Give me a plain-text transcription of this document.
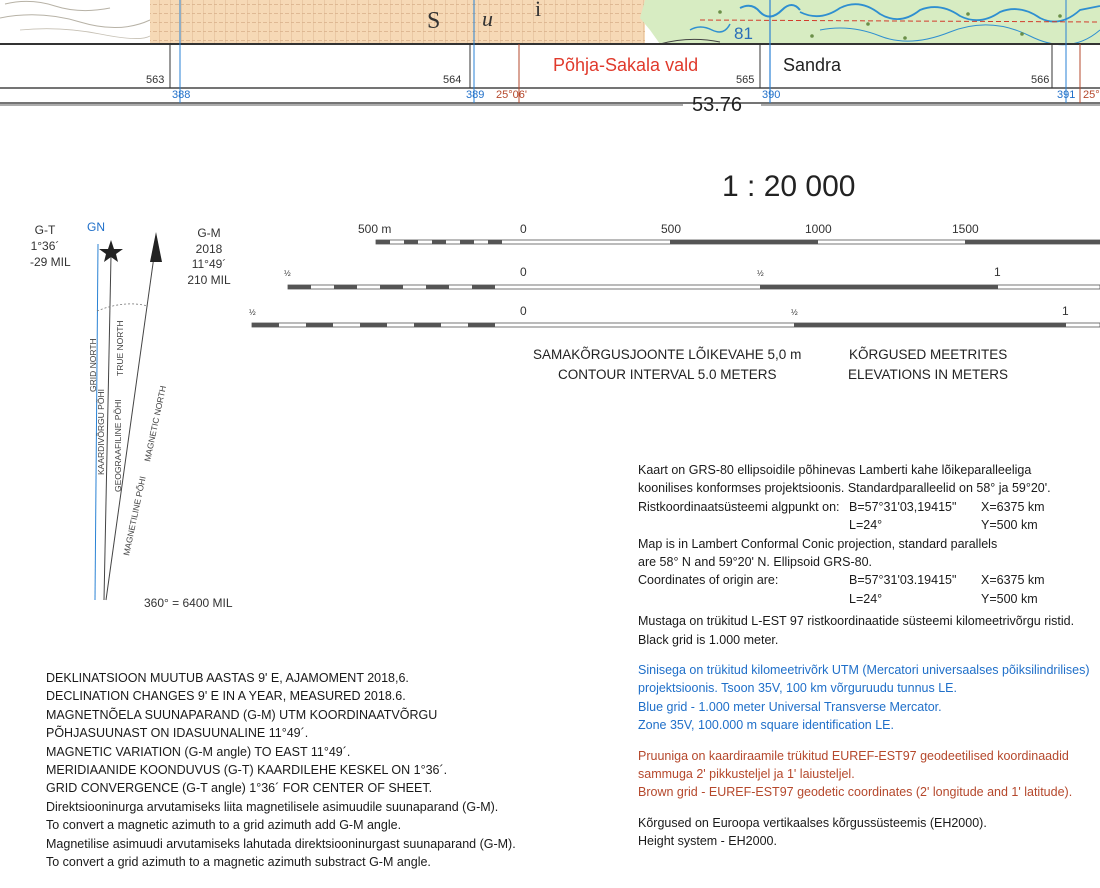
KAARDIVÕRGU PÕHI
GRID NORTH
GEOGRAAFILINE PÕHI
TRUE NORTH
MAGNETILINE PÕHI
MAGNETIC NORTH
S u i
81
563	564	565	566
388	389	390	391
25°06'	25°
Põhja-Sakala vald	Sandra
53.76
1 : 20 000
500 m	0	500	1000	1500
½	0	½	1
½	0	½	1
SAMAKÕRGUSJOONTE LÕIKEVAHE 5,0 m
CONTOUR INTERVAL 5.0 METERS
KÕRGUSED MEETRITES
ELEVATIONS IN METERS
G-T
1°36´
-29 MIL
GN	G-M
2018
11°49´
210 MIL
360° = 6400 MIL
DEKLINATSIOON MUUTUB AASTAS 9' E, AJAMOMENT 2018,6.
DECLINATION CHANGES 9' E IN A YEAR, MEASURED 2018.6.
MAGNETNÕELA SUUNAPARAND (G-M) UTM KOORDINAATVÕRGU
PÕHJASUUNAST ON IDASUUNALINE 11°49´.
MAGNETIC VARIATION (G-M angle) TO EAST 11°49´.
MERIDIAANIDE KOONDUVUS (G-T) KAARDILEHE KESKEL ON 1°36´.
GRID CONVERGENCE (G-T angle) 1°36´ FOR CENTER OF SHEET.
Direktsiooninurga arvutamiseks liita magnetilisele asimuudile suunaparand (G-M).
To convert a magnetic azimuth to a grid azimuth add G-M angle.
Magnetilise asimuudi arvutamiseks lahutada direktsiooninurgast suunaparand (G-M).
To convert a grid azimuth to a magnetic azimuth substract G-M angle.
Kaart on GRS-80 ellipsoidile põhinevas Lamberti kahe lõikeparalleeliga
koonilises konformses projektsioonis. Standardparalleelid on 58° ja 59°20'.
Ristkoordinaatsüsteemi algpunkt on: B=57°31'03,19415" X=6375 km
L=24°	Y=500 km
Map is in Lambert Conformal Conic projection, standard parallels
are 58° N and 59°20' N. Ellipsoid GRS-80.
Coordinates of origin are:	B=57°31'03.19415" X=6375 km
L=24°	Y=500 km
Mustaga on trükitud L-EST 97 ristkoordinaatide süsteemi kilomeetrivõrgu ristid.
Black grid is 1.000 meter.
Sinisega on trükitud kilomeetrivõrk UTM (Mercatori universaalses põiksilindrilises)
projektsioonis. Tsoon 35V, 100 km võrguruudu tunnus LE.
Blue grid - 1.000 meter Universal Transverse Mercator.
Zone 35V, 100.000 m square identification LE.
Pruuniga on kaardiraamile trükitud EUREF-EST97 geodeetilised koordinaadid
sammuga 2' pikkusteljel ja 1' laiusteljel.
Brown grid - EUREF-EST97 geodetic coordinates (2' longitude and 1' latitude).
Kõrgused on Euroopa vertikaalses kõrgussüsteemis (EH2000).
Height system - EH2000.
